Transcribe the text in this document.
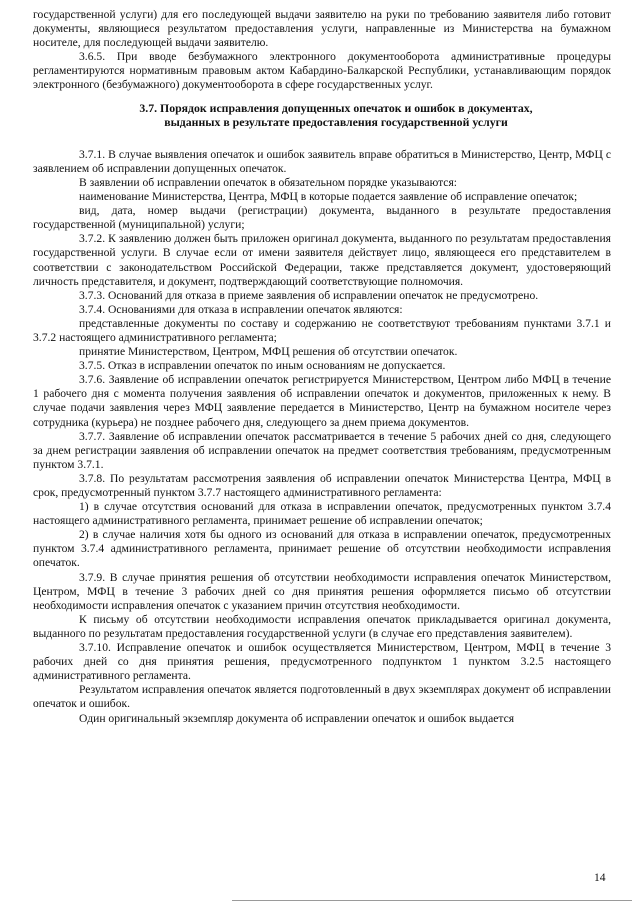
государственной услуги) для его последующей выдачи заявителю на руки по требованию заявителя либо готовит документы, являющиеся результатом предоставления услуги, направленные из Министерства на бумажном носителе, для последующей выдачи заявителю.

3.6.5. При вводе безбумажного электронного документооборота административные процедуры регламентируются нормативным правовым актом Кабардино-Балкарской Республики, устанавливающим порядок электронного (безбумажного) документооборота в сфере государственных услуг.

3.7. Порядок исправления допущенных опечаток и ошибок в документах,
выданных в результате предоставления государственной услуги

3.7.1. В случае выявления опечаток и ошибок заявитель вправе обратиться в Министерство, Центр, МФЦ с заявлением об исправлении допущенных опечаток.

В заявлении об исправлении опечаток в обязательном порядке указываются:

наименование Министерства, Центра, МФЦ в которые подается заявление об исправление опечаток;

вид, дата, номер выдачи (регистрации) документа, выданного в результате предоставления государственной (муниципальной) услуги;

3.7.2. К заявлению должен быть приложен оригинал документа, выданного по результатам предоставления государственной услуги. В случае если от имени заявителя действует лицо, являющееся его представителем в соответствии с законодательством Российской Федерации, также представляется документ, удостоверяющий личность представителя, и документ, подтверждающий соответствующие полномочия.

3.7.3. Оснований для отказа в приеме заявления об исправлении опечаток не предусмотрено.

3.7.4. Основаниями для отказа в исправлении опечаток являются:

представленные документы по составу и содержанию не соответствуют требованиям пунктами 3.7.1 и 3.7.2 настоящего административного регламента;

принятие Министерством, Центром, МФЦ решения об отсутствии опечаток.

3.7.5. Отказ в исправлении опечаток по иным основаниям не допускается.

3.7.6. Заявление об исправлении опечаток регистрируется Министерством, Центром либо МФЦ в течение 1 рабочего дня с момента получения заявления об исправлении опечаток и документов, приложенных к нему. В случае подачи заявления через МФЦ заявление передается в Министерство, Центр на бумажном носителе через сотрудника (курьера) не позднее рабочего дня, следующего за днем приема документов.

3.7.7. Заявление об исправлении опечаток рассматривается в течение 5 рабочих дней со дня, следующего за днем регистрации заявления об исправлении опечаток на предмет соответствия требованиям, предусмотренным пунктом 3.7.1.

3.7.8. По результатам рассмотрения заявления об исправлении опечаток Министерства Центра, МФЦ в срок, предусмотренный пунктом 3.7.7 настоящего административного регламента:

1) в случае отсутствия оснований для отказа в исправлении опечаток, предусмотренных пунктом 3.7.4 настоящего административного регламента, принимает решение об исправлении опечаток;

2) в случае наличия хотя бы одного из оснований для отказа в исправлении опечаток, предусмотренных пунктом 3.7.4 административного регламента, принимает решение об отсутствии необходимости исправления опечаток.

3.7.9. В случае принятия решения об отсутствии необходимости исправления опечаток Министерством, Центром, МФЦ в течение 3 рабочих дней со дня принятия решения оформляется письмо об отсутствии необходимости исправления опечаток с указанием причин отсутствия необходимости.

К письму об отсутствии необходимости исправления опечаток прикладывается оригинал документа, выданного по результатам предоставления государственной услуги (в случае его представления заявителем).

3.7.10. Исправление опечаток и ошибок осуществляется Министерством, Центром, МФЦ в течение 3 рабочих дней со дня принятия решения, предусмотренного подпунктом 1 пунктом 3.2.5 настоящего административного регламента.

Результатом исправления опечаток является подготовленный в двух экземплярах документ об исправлении опечаток и ошибок.

Один оригинальный экземпляр документа об исправлении опечаток и ошибок выдается

14
